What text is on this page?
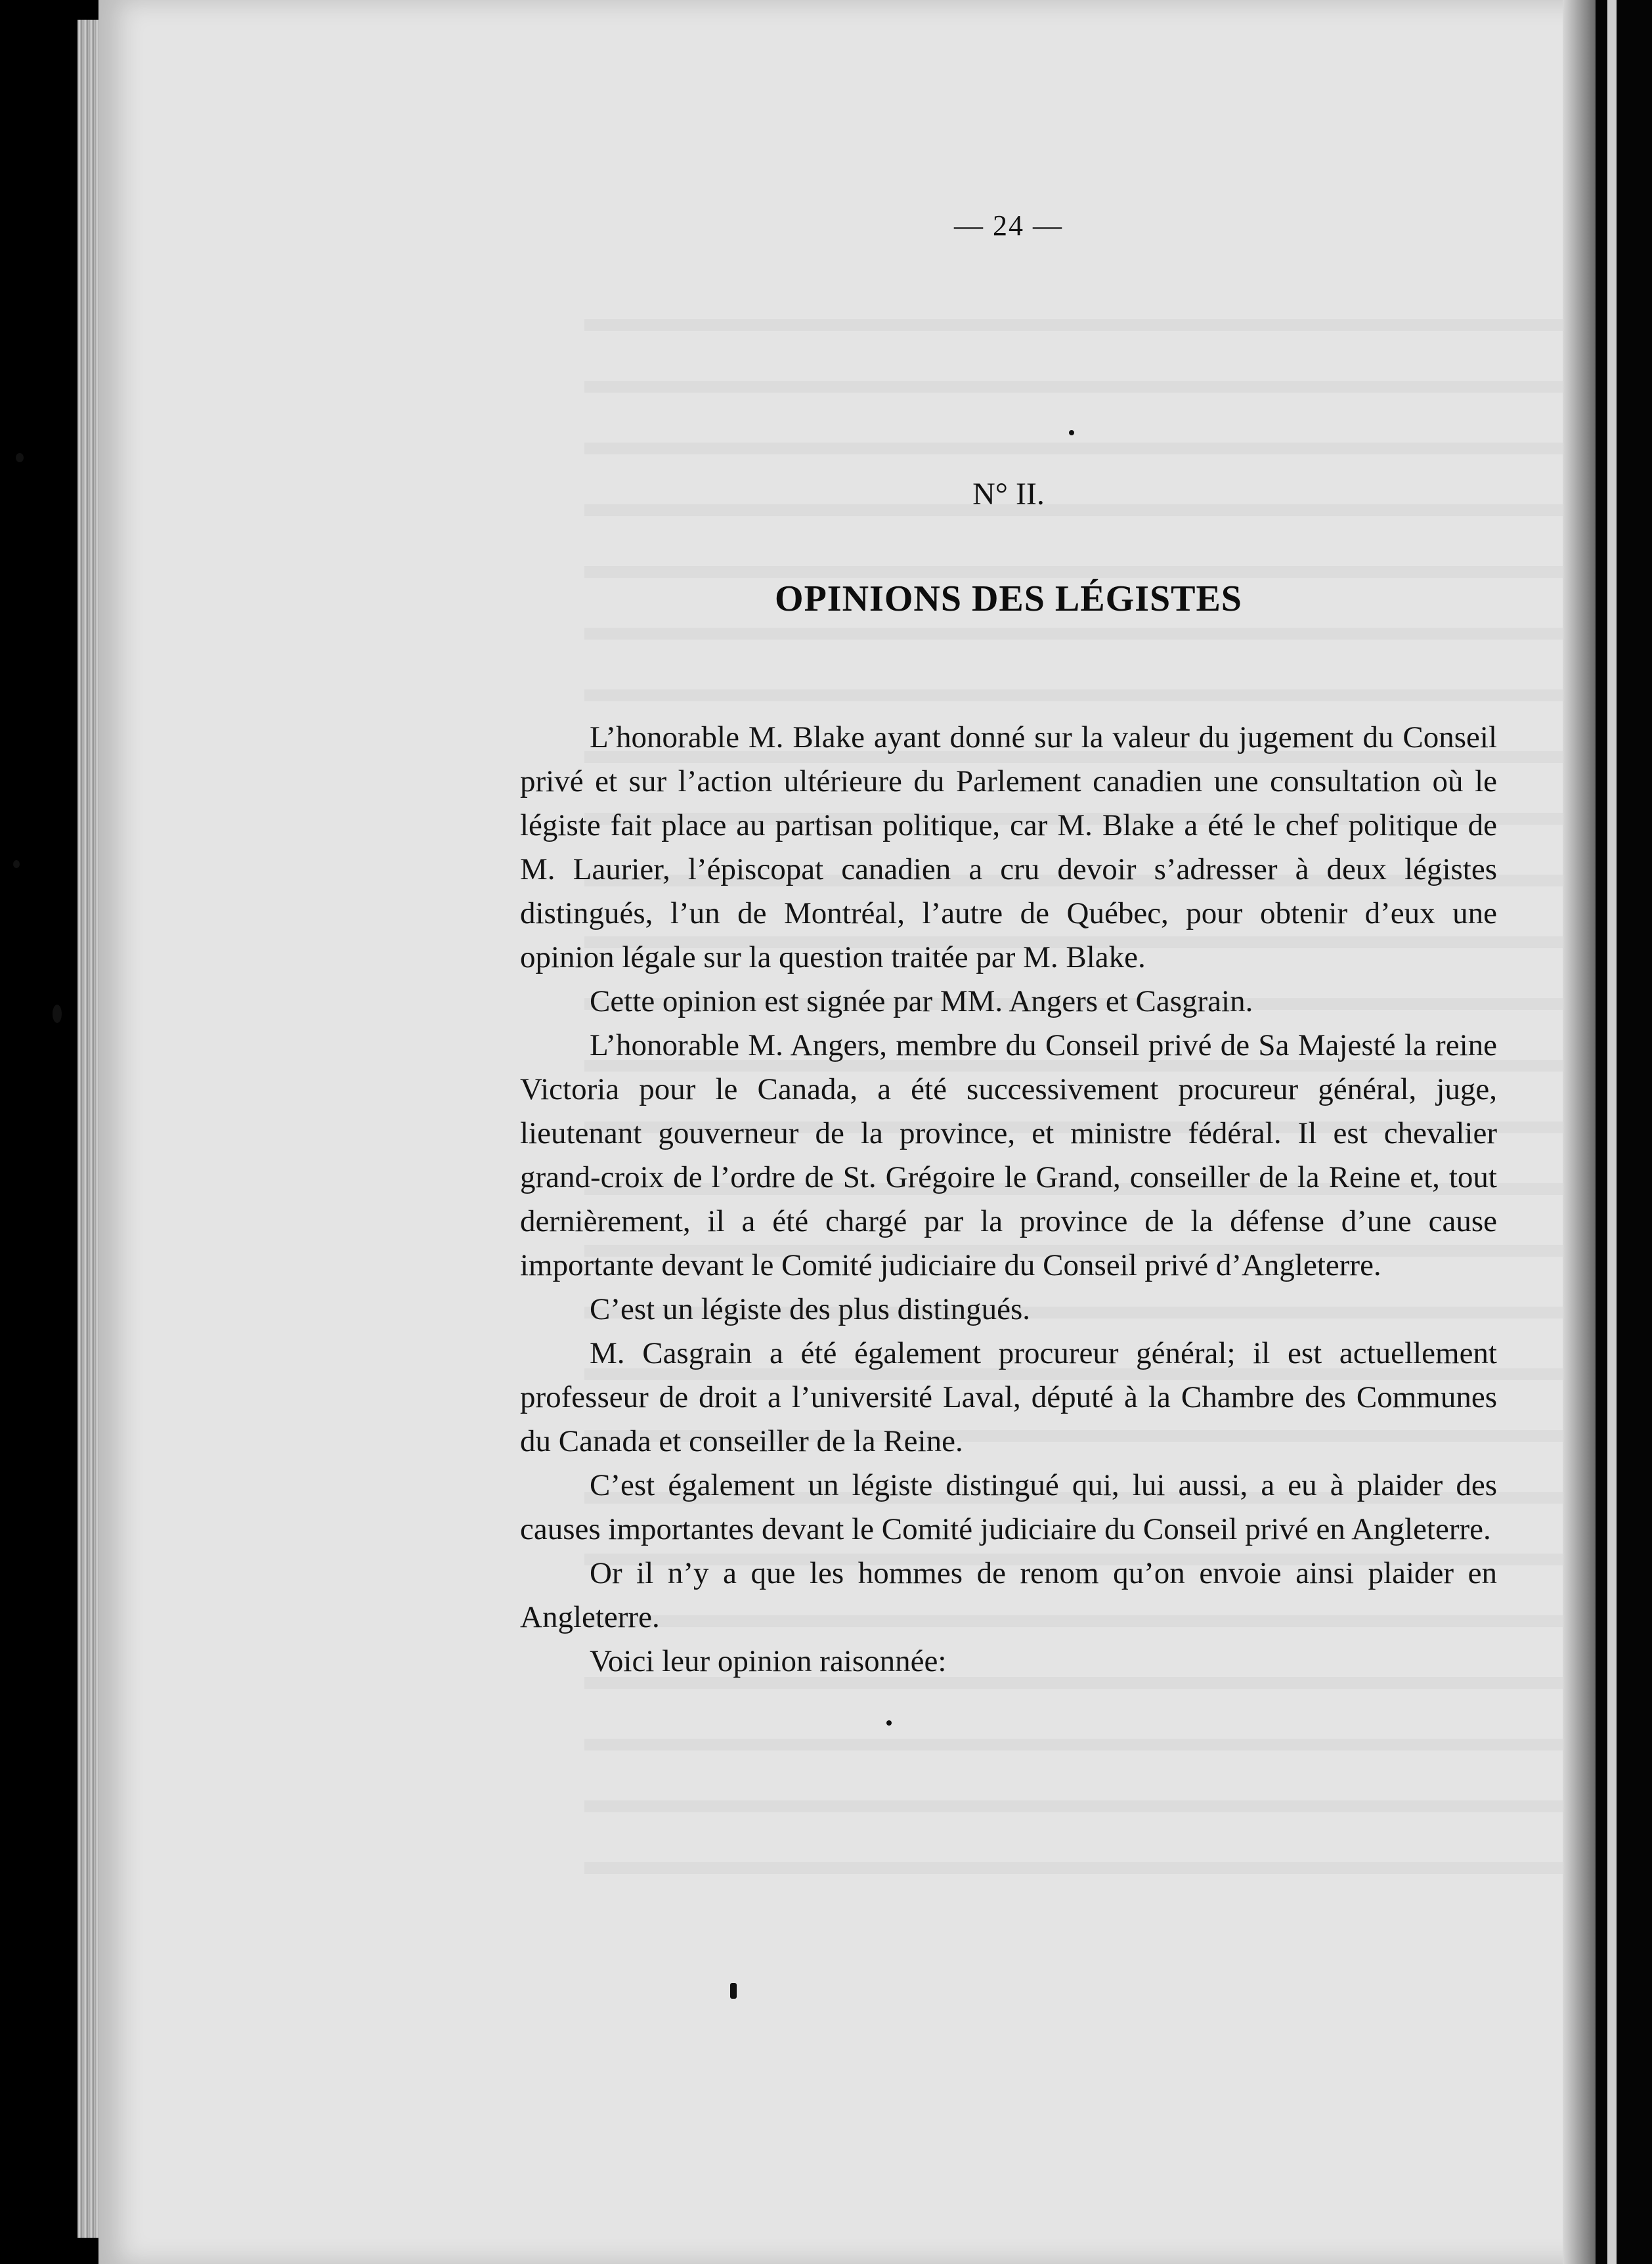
— 24 —
N° II.
OPINIONS DES LÉGISTES

L’honorable M. Blake ayant donné sur la valeur du jugement du Conseil privé et sur l’action ultérieure du Parlement canadien une consultation où le légiste fait place au partisan politique, car M. Blake a été le chef politique de M. Laurier, l’épiscopat canadien a cru devoir s’adresser à deux légistes distingués, l’un de Montréal, l’autre de Québec, pour obtenir d’eux une opinion légale sur la question traitée par M. Blake.

Cette opinion est signée par MM. Angers et Casgrain.

L’honorable M. Angers, membre du Conseil privé de Sa Majesté la reine Victoria pour le Canada, a été successivement procureur général, juge, lieutenant gouverneur de la province, et ministre fédéral. Il est chevalier grand-croix de l’ordre de St. Grégoire le Grand, conseiller de la Reine et, tout dernièrement, il a été chargé par la province de la défense d’une cause importante devant le Comité judiciaire du Conseil privé d’Angleterre.

C’est un légiste des plus distingués.

M. Casgrain a été également procureur général; il est actuellement professeur de droit a l’université Laval, député à la Chambre des Communes du Canada et conseiller de la Reine.

C’est également un légiste distingué qui, lui aussi, a eu à plaider des causes importantes devant le Comité judiciaire du Conseil privé en Angleterre.

Or il n’y a que les hommes de renom qu’on envoie ainsi plaider en Angleterre.

Voici leur opinion raisonnée:
